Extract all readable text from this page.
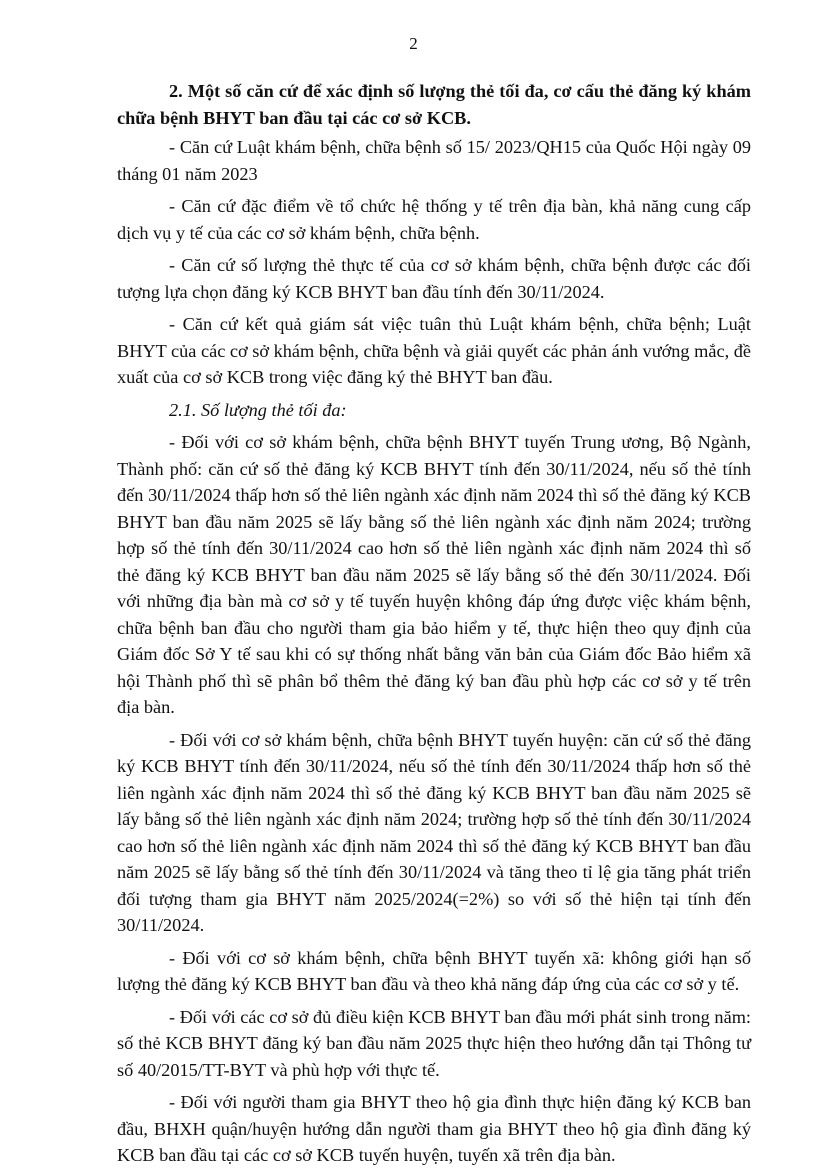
2

2. Một số căn cứ để xác định số lượng thẻ tối đa, cơ cấu thẻ đăng ký khám chữa bệnh BHYT ban đầu tại các cơ sở KCB.

- Căn cứ Luật khám bệnh, chữa bệnh số 15/ 2023/QH15 của Quốc Hội ngày 09 tháng 01 năm 2023

- Căn cứ đặc điểm về tổ chức hệ thống y tế trên địa bàn, khả năng cung cấp dịch vụ y tế của các cơ sở khám bệnh, chữa bệnh.

- Căn cứ số lượng thẻ thực tế của cơ sở khám bệnh, chữa bệnh được các đối tượng lựa chọn đăng ký KCB BHYT ban đầu tính đến 30/11/2024.

- Căn cứ kết quả giám sát việc tuân thủ Luật khám bệnh, chữa bệnh; Luật BHYT của các cơ sở khám bệnh, chữa bệnh và giải quyết các phản ánh vướng mắc, đề xuất của cơ sở KCB trong việc đăng ký thẻ BHYT ban đầu.

2.1. Số lượng thẻ tối đa:

- Đối với cơ sở khám bệnh, chữa bệnh BHYT tuyến Trung ương, Bộ Ngành, Thành phố: căn cứ số thẻ đăng ký KCB BHYT tính đến 30/11/2024, nếu số thẻ tính đến 30/11/2024 thấp hơn số thẻ liên ngành xác định năm 2024 thì số thẻ đăng ký KCB BHYT ban đầu năm 2025 sẽ lấy bằng số thẻ liên ngành xác định năm 2024; trường hợp số thẻ tính đến 30/11/2024 cao hơn số thẻ liên ngành xác định năm 2024 thì số thẻ đăng ký KCB BHYT ban đầu năm 2025 sẽ lấy bằng số thẻ đến 30/11/2024. Đối với những địa bàn mà cơ sở y tế tuyến huyện không đáp ứng được việc khám bệnh, chữa bệnh ban đầu cho người tham gia bảo hiểm y tế, thực hiện theo quy định của Giám đốc Sở Y tế sau khi có sự thống nhất bằng văn bản của Giám đốc Bảo hiểm xã hội Thành phố thì sẽ phân bổ thêm thẻ đăng ký ban đầu phù hợp các cơ sở y tế trên địa bàn.

- Đối với cơ sở khám bệnh, chữa bệnh BHYT tuyến huyện: căn cứ số thẻ đăng ký KCB BHYT tính đến 30/11/2024, nếu số thẻ tính đến 30/11/2024 thấp hơn số thẻ liên ngành xác định năm 2024 thì số thẻ đăng ký KCB BHYT ban đầu năm 2025 sẽ lấy bằng số thẻ liên ngành xác định năm 2024; trường hợp số thẻ tính đến 30/11/2024 cao hơn số thẻ liên ngành xác định năm 2024 thì số thẻ đăng ký KCB BHYT ban đầu năm 2025 sẽ lấy bằng số thẻ tính đến 30/11/2024 và tăng theo tỉ lệ gia tăng phát triển đối tượng tham gia BHYT năm 2025/2024(=2%) so với số thẻ hiện tại tính đến 30/11/2024.

- Đối với cơ sở khám bệnh, chữa bệnh BHYT tuyến xã: không giới hạn số lượng thẻ đăng ký KCB BHYT ban đầu và theo khả năng đáp ứng của các cơ sở y tế.

- Đối với các cơ sở đủ điều kiện KCB BHYT ban đầu mới phát sinh trong năm: số thẻ KCB BHYT đăng ký ban đầu năm 2025 thực hiện theo hướng dẫn tại Thông tư số 40/2015/TT-BYT và phù hợp với thực tế.

- Đối với người tham gia BHYT theo hộ gia đình thực hiện đăng ký KCB ban đầu, BHXH quận/huyện hướng dẫn người tham gia BHYT theo hộ gia đình đăng ký KCB ban đầu tại các cơ sở KCB tuyến huyện, tuyến xã trên địa bàn.
